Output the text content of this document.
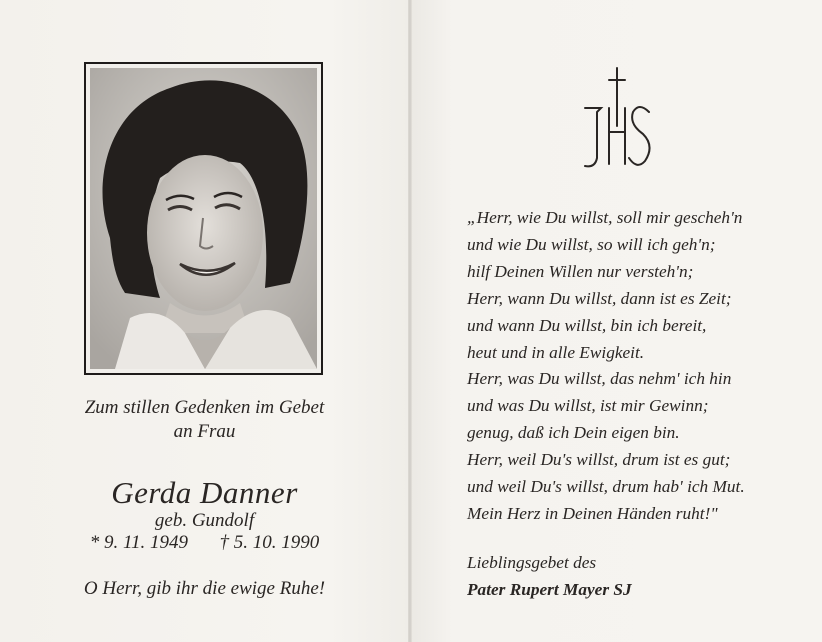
Zum stillen Gedenken im Gebet
an Frau
Gerda Danner
geb. Gundolf
* 9. 11. 1949 † 5. 10. 1990
O Herr, gib ihr die ewige Ruhe!
„Herr, wie Du willst, soll mir gescheh'n
und wie Du willst, so will ich geh'n;
hilf Deinen Willen nur versteh'n;
Herr, wann Du willst, dann ist es Zeit;
und wann Du willst, bin ich bereit,
heut und in alle Ewigkeit.
Herr, was Du willst, das nehm' ich hin
und was Du willst, ist mir Gewinn;
genug, daß ich Dein eigen bin.
Herr, weil Du's willst, drum ist es gut;
und weil Du's willst, drum hab' ich Mut.
Mein Herz in Deinen Händen ruht!"
Lieblingsgebet des
Pater Rupert Mayer SJ
